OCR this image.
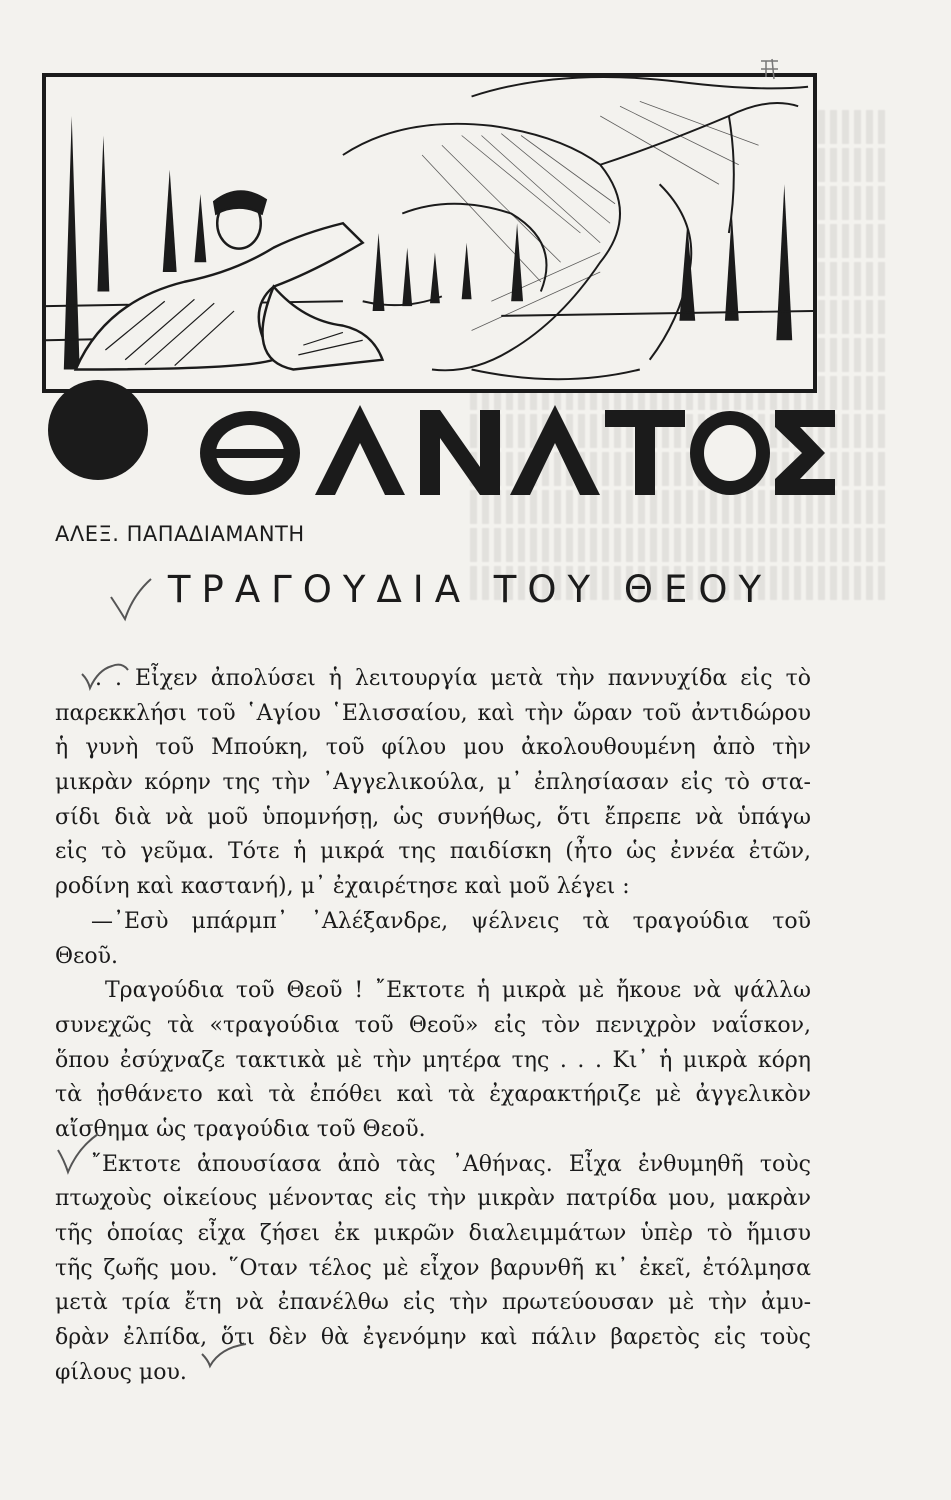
ΑΛΕΞ. ΠΑΠΑΔΙΑΜΑΝΤΗ
ΤΡΑΓΟΥΔΙΑ ΤΟΥ ΘΕΟΥ
. . Εἶχεν ἀπολύσει ἡ λειτουργία μετὰ τὴν παννυχίδα εἰς τὸ
παρεκκλήσι τοῦ ῾Αγίου ῾Ελισσαίου, καὶ τὴν ὥραν τοῦ ἀντιδώρου
ἡ γυνὴ τοῦ Μπούκη, τοῦ φίλου μου ἀκολουθουμένη ἀπὸ τὴν
μικρὰν κόρην της τὴν ᾿Αγγελικούλα, μ᾿ ἐπλησίασαν εἰς τὸ στα-
σίδι διὰ νὰ μοῦ ὑπομνήσῃ, ὡς συνήθως, ὅτι ἔπρεπε νὰ ὑπάγω
εἰς τὸ γεῦμα. Τότε ἡ μικρά της παιδίσκη (ἦτο ὡς ἐννέα ἐτῶν,
ροδίνη καὶ καστανή), μ᾿ ἐχαιρέτησε καὶ μοῦ λέγει :
—᾿Εσὺ μπάρμπ᾿ ᾿Αλέξανδρε, ψέλνεις τὰ τραγούδια τοῦ
Θεοῦ.
Τραγούδια τοῦ Θεοῦ ! ῎Εκτοτε ἡ μικρὰ μὲ ἤκουε νὰ ψάλλω
συνεχῶς τὰ «τραγούδια τοῦ Θεοῦ» εἰς τὸν πενιχρὸν ναΐσκον,
ὅπου ἐσύχναζε τακτικὰ μὲ τὴν μητέρα της . . . Κι᾿ ἡ μικρὰ κόρη
τὰ ᾐσθάνετο καὶ τὰ ἐπόθει καὶ τὰ ἐχαρακτήριζε μὲ ἀγγελικὸν
αἴσθημα ὡς τραγούδια τοῦ Θεοῦ.
῎Εκτοτε ἀπουσίασα ἀπὸ τὰς ᾿Αθήνας. Εἶχα ἐνθυμηθῆ τοὺς
πτωχοὺς οἰκείους μένοντας εἰς τὴν μικρὰν πατρίδα μου, μακρὰν
τῆς ὁποίας εἶχα ζήσει ἐκ μικρῶν διαλειμμάτων ὑπὲρ τὸ ἥμισυ
τῆς ζωῆς μου. ῞Οταν τέλος μὲ εἶχον βαρυνθῆ κι᾿ ἐκεῖ, ἐτόλμησα
μετὰ τρία ἔτη νὰ ἐπανέλθω εἰς τὴν πρωτεύουσαν μὲ τὴν ἀμυ-
δρὰν ἐλπίδα, ὅτι δὲν θὰ ἐγενόμην καὶ πάλιν βαρετὸς εἰς τοὺς
φίλους μου.
